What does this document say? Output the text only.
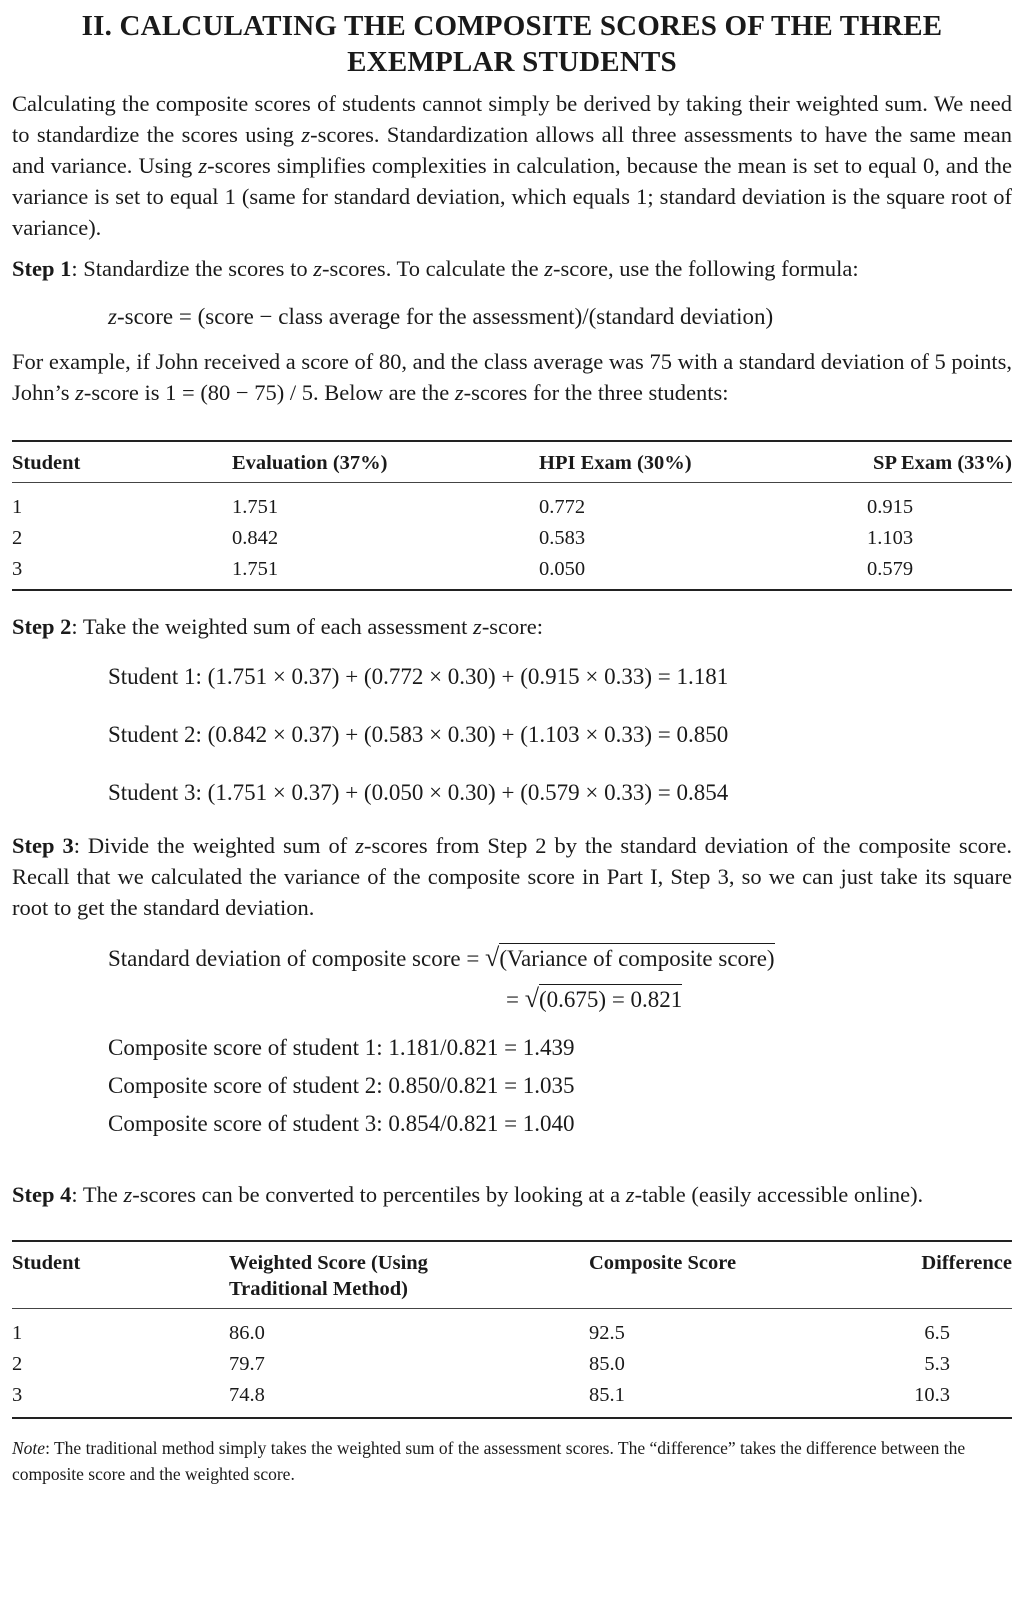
II. CALCULATING THE COMPOSITE SCORES OF THE THREE
EXEMPLAR STUDENTS

Calculating the composite scores of students cannot simply be derived by taking their weighted sum. We need to standardize the scores using z-scores. Standardization allows all three assessments to have the same mean and variance. Using z-scores simplifies complexities in calculation, because the mean is set to equal 0, and the variance is set to equal 1 (same for standard deviation, which equals 1; standard deviation is the square root of variance).

Step 1: Standardize the scores to z-scores. To calculate the z-score, use the following formula:

z-score = (score − class average for the assessment)/(standard deviation)

For example, if John received a score of 80, and the class average was 75 with a standard deviation of 5 points, John’s z-score is 1 = (80 − 75) / 5. Below are the z-scores for the three students:

Student	Evaluation (37%)	HPI Exam (30%)	SP Exam (33%)
1	1.751	0.772	0.915
2	0.842	0.583	1.103
3	1.751	0.050	0.579

Step 2: Take the weighted sum of each assessment z-score:

Student 1: (1.751 × 0.37) + (0.772 × 0.30) + (0.915 × 0.33) = 1.181

Student 2: (0.842 × 0.37) + (0.583 × 0.30) + (1.103 × 0.33) = 0.850

Student 3: (1.751 × 0.37) + (0.050 × 0.30) + (0.579 × 0.33) = 0.854

Step 3: Divide the weighted sum of z-scores from Step 2 by the standard deviation of the composite score. Recall that we calculated the variance of the composite score in Part I, Step 3, so we can just take its square root to get the standard deviation.

Standard deviation of composite score = √(Variance of composite score)

= √(0.675) = 0.821

Composite score of student 1: 1.181/0.821 = 1.439

Composite score of student 2: 0.850/0.821 = 1.035

Composite score of student 3: 0.854/0.821 = 1.040

Step 4: The z-scores can be converted to percentiles by looking at a z-table (easily accessible online).

Student	Weighted Score (Using Traditional Method)	Composite Score	Difference
1	86.0	92.5	6.5
2	79.7	85.0	5.3
3	74.8	85.1	10.3

Note: The traditional method simply takes the weighted sum of the assessment scores. The “difference” takes the difference between the composite score and the weighted score.
